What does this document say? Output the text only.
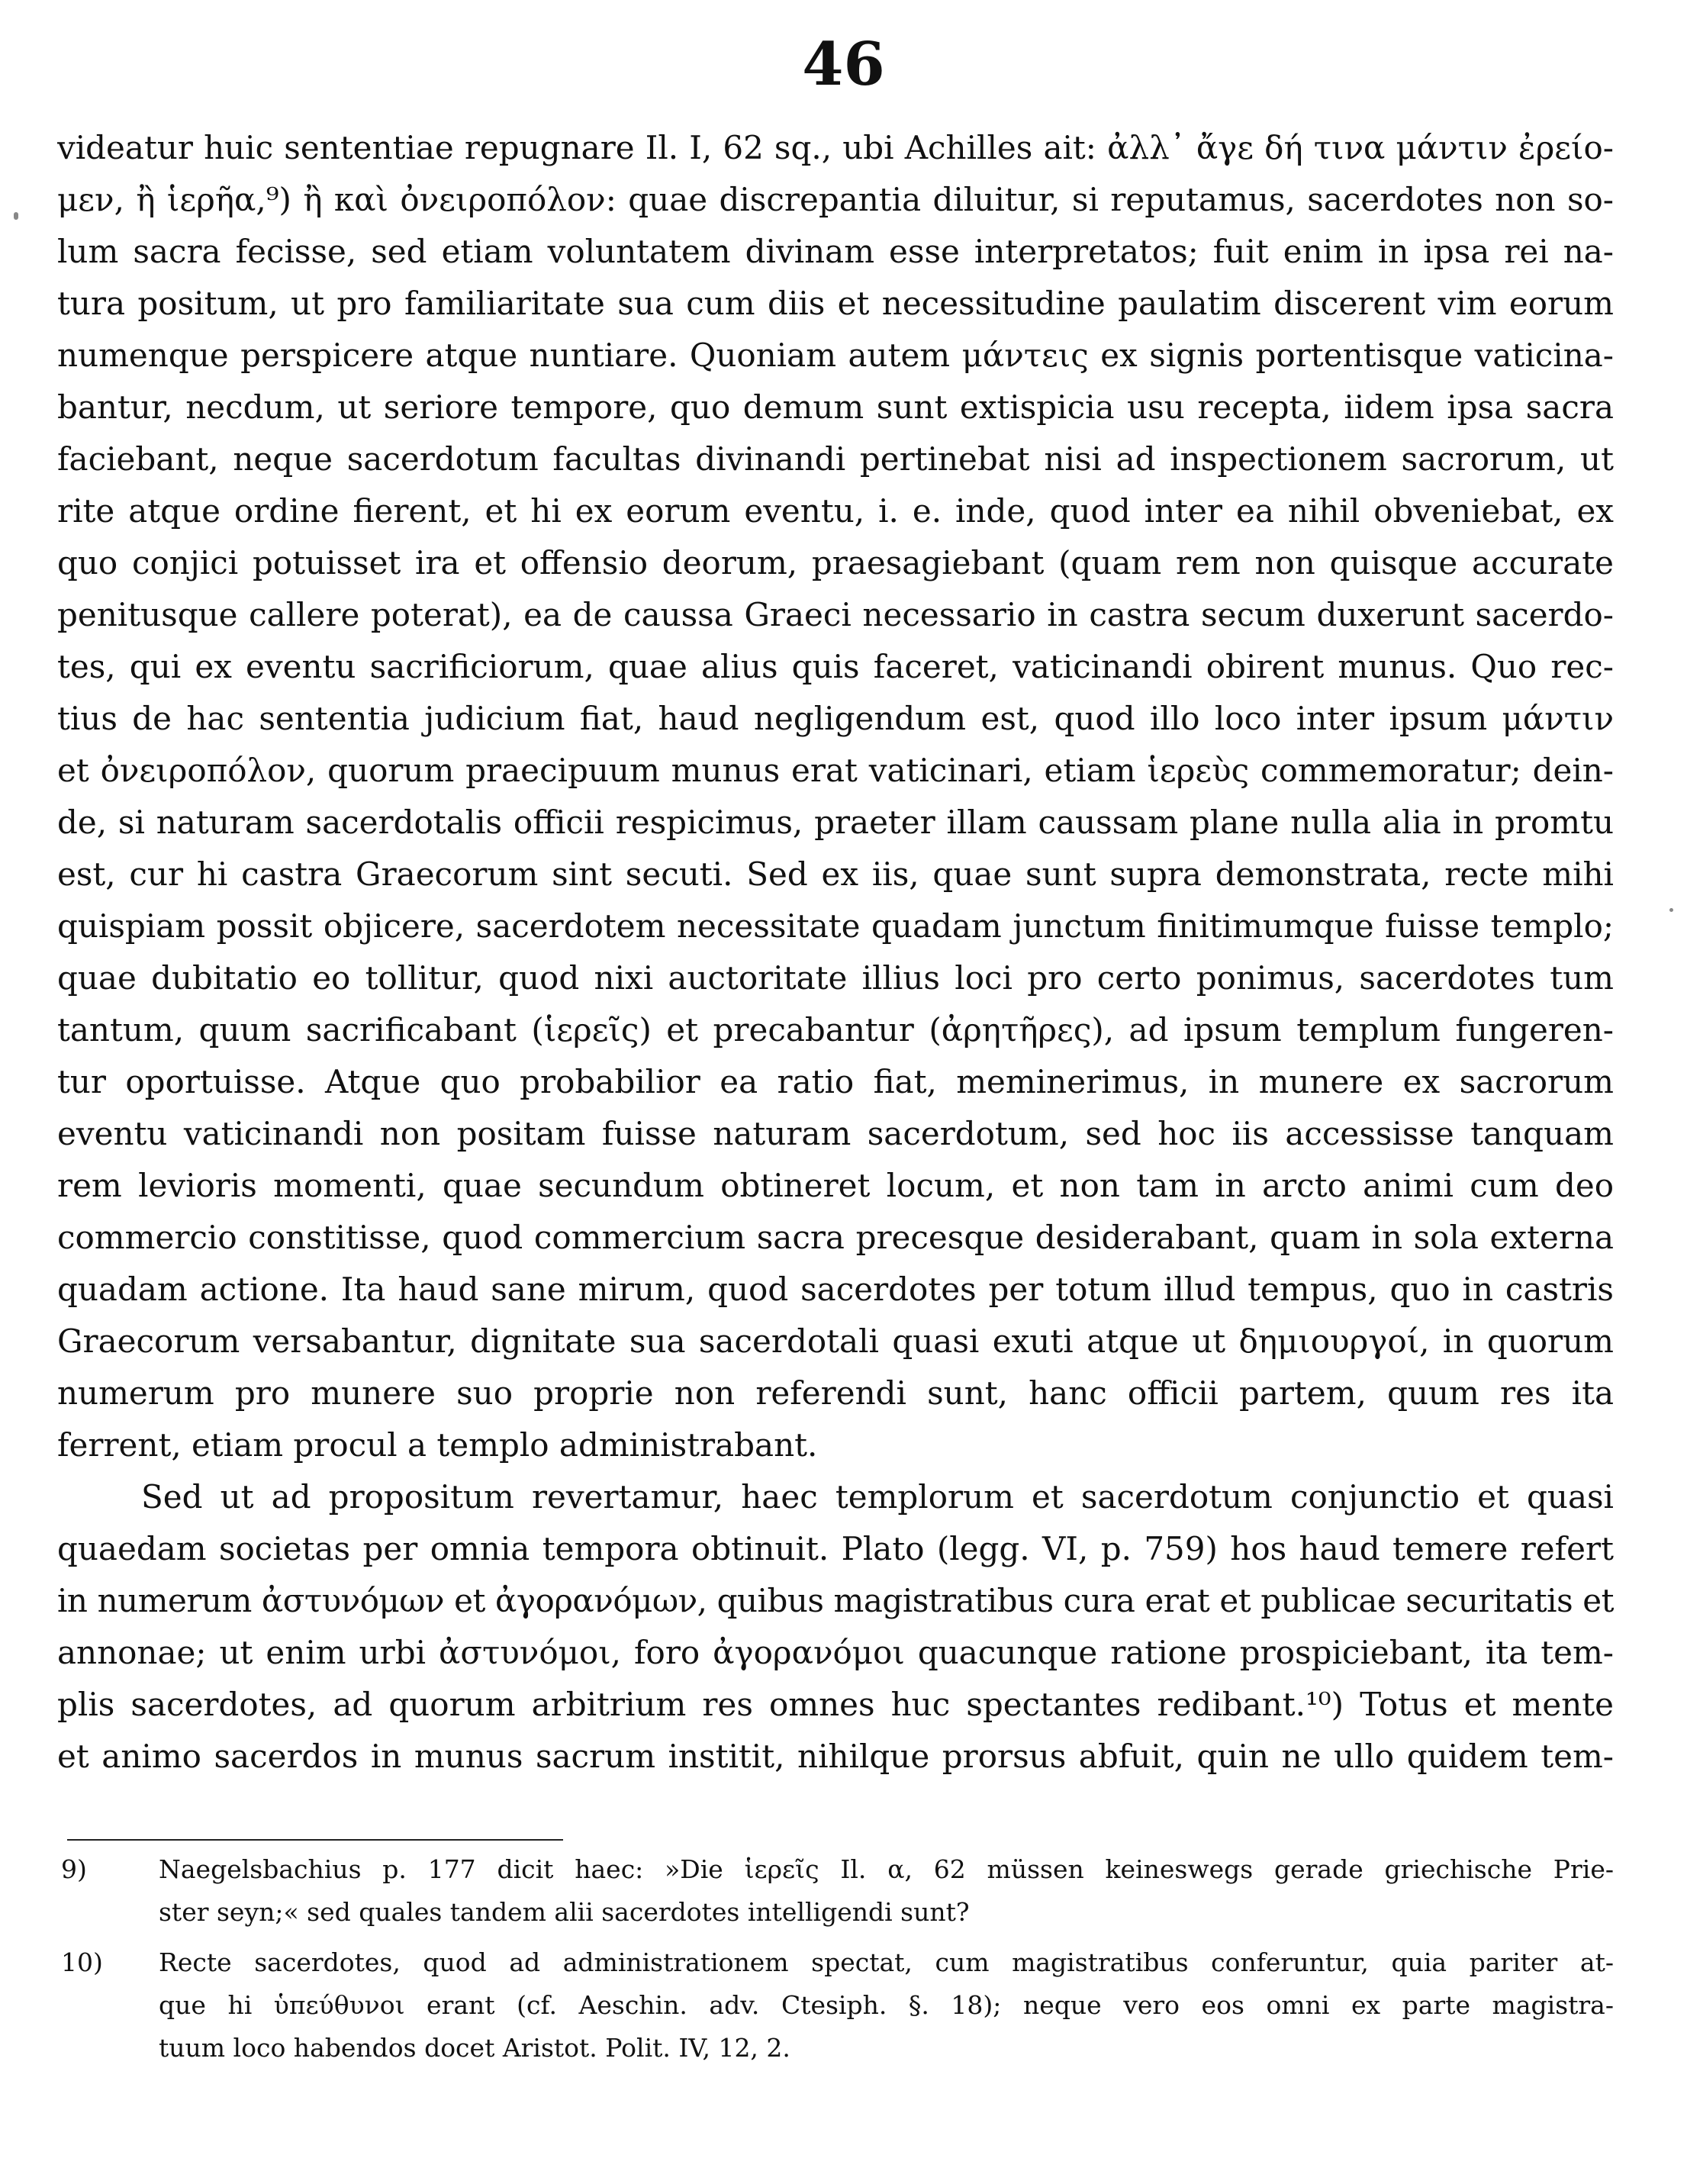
46
videatur huic sententiae repugnare Il. I, 62 sq., ubi Achilles ait: ἀλλ᾽ ἄγε δή τινα μάντιν ἐρείο-
μεν, ἢ ἱερῆα,⁹) ἢ καὶ ὀνειροπόλον: quae discrepantia diluitur, si reputamus, sacerdotes non so-
lum sacra fecisse, sed etiam voluntatem divinam esse interpretatos; fuit enim in ipsa rei na-
tura positum, ut pro familiaritate sua cum diis et necessitudine paulatim discerent vim eorum
numenque perspicere atque nuntiare. Quoniam autem μάντεις ex signis portentisque vaticina-
bantur, necdum, ut seriore tempore, quo demum sunt extispicia usu recepta, iidem ipsa sacra
faciebant, neque sacerdotum facultas divinandi pertinebat nisi ad inspectionem sacrorum, ut
rite atque ordine fierent, et hi ex eorum eventu, i. e. inde, quod inter ea nihil obveniebat, ex
quo conjici potuisset ira et offensio deorum, praesagiebant (quam rem non quisque accurate
penitusque callere poterat), ea de caussa Graeci necessario in castra secum duxerunt sacerdo-
tes, qui ex eventu sacrificiorum, quae alius quis faceret, vaticinandi obirent munus. Quo rec-
tius de hac sententia judicium fiat, haud negligendum est, quod illo loco inter ipsum μάντιν
et ὀνειροπόλον, quorum praecipuum munus erat vaticinari, etiam ἱερεὺς commemoratur; dein-
de, si naturam sacerdotalis officii respicimus, praeter illam caussam plane nulla alia in promtu
est, cur hi castra Graecorum sint secuti. Sed ex iis, quae sunt supra demonstrata, recte mihi
quispiam possit objicere, sacerdotem necessitate quadam junctum finitimumque fuisse templo;
quae dubitatio eo tollitur, quod nixi auctoritate illius loci pro certo ponimus, sacerdotes tum
tantum, quum sacrificabant (ἱερεῖς) et precabantur (ἀρητῆρες), ad ipsum templum fungeren-
tur oportuisse. Atque quo probabilior ea ratio fiat, meminerimus, in munere ex sacrorum
eventu vaticinandi non positam fuisse naturam sacerdotum, sed hoc iis accessisse tanquam
rem levioris momenti, quae secundum obtineret locum, et non tam in arcto animi cum deo
commercio constitisse, quod commercium sacra precesque desiderabant, quam in sola externa
quadam actione. Ita haud sane mirum, quod sacerdotes per totum illud tempus, quo in castris
Graecorum versabantur, dignitate sua sacerdotali quasi exuti atque ut δημιουργοί, in quorum
numerum pro munere suo proprie non referendi sunt, hanc officii partem, quum res ita
ferrent, etiam procul a templo administrabant.
Sed ut ad propositum revertamur, haec templorum et sacerdotum conjunctio et quasi
quaedam societas per omnia tempora obtinuit. Plato (legg. VI, p. 759) hos haud temere refert
in numerum ἀστυνόμων et ἀγορανόμων, quibus magistratibus cura erat et publicae securitatis et
annonae; ut enim urbi ἀστυνόμοι, foro ἀγορανόμοι quacunque ratione prospiciebant, ita tem-
plis sacerdotes, ad quorum arbitrium res omnes huc spectantes redibant.¹⁰) Totus et mente
et animo sacerdos in munus sacrum institit, nihilque prorsus abfuit, quin ne ullo quidem tem-
9)	Naegelsbachius p. 177 dicit haec: »Die ἱερεῖς Il. α, 62 müssen keineswegs gerade griechische Prie-
ster seyn;« sed quales tandem alii sacerdotes intelligendi sunt?
10) Recte sacerdotes, quod ad administrationem spectat, cum magistratibus conferuntur, quia pariter at-
que hi ὑπεύθυνοι erant (cf. Aeschin. adv. Ctesiph. §. 18); neque vero eos omni ex parte magistra-
tuum loco habendos docet Aristot. Polit. IV, 12, 2.
